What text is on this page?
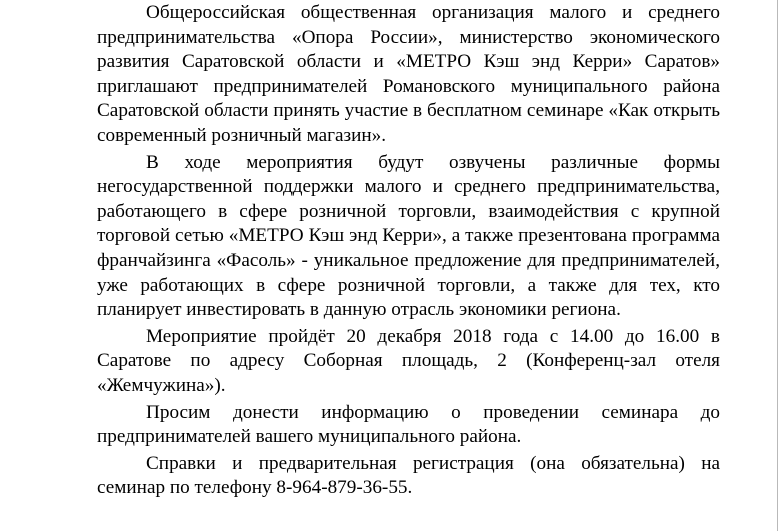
Общероссийская общественная организация малого и среднего предпринимательства «Опора России», министерство экономического развития Саратовской области и «МЕТРО Кэш энд Керри» Саратов» приглашают предпринимателей Романовского муниципального района Саратовской области принять участие в бесплатном семинаре «Как открыть современный розничный магазин».

В ходе мероприятия будут озвучены различные формы негосударственной поддержки малого и среднего предпринимательства, работающего в сфере розничной торговли, взаимодействия с крупной торговой сетью «МЕТРО Кэш энд Керри», а также презентована программа франчайзинга «Фасоль» - уникальное предложение для предпринимателей, уже работающих в сфере розничной торговли, а также для тех, кто планирует инвестировать в данную отрасль экономики региона.

Мероприятие пройдёт 20 декабря 2018 года с 14.00 до 16.00 в Саратове по адресу Соборная площадь, 2 (Конференц-зал отеля «Жемчужина»).

Просим донести информацию о проведении семинара до предпринимателей вашего муниципального района.

Справки и предварительная регистрация (она обязательна) на семинар по телефону 8-964-879-36-55.
